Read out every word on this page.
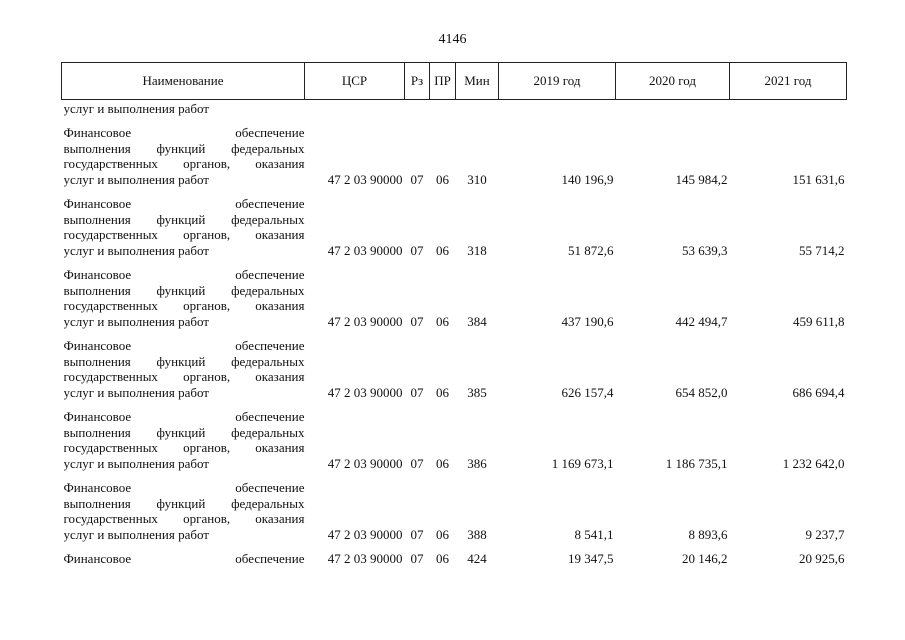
4146
Наименование	ЦСР	Рз	ПР	Мин	2019 год	2020 год	2021 год

услуг и выполнения работ							

Финансовое обеспечение
выполнения функций федеральных
государственных органов, оказания
услуг и выполнения работ	47 2 03 90000	07	06	310	140 196,9	145 984,2	151 631,6

Финансовое обеспечение
выполнения функций федеральных
государственных органов, оказания
услуг и выполнения работ	47 2 03 90000	07	06	318	51 872,6	53 639,3	55 714,2

Финансовое обеспечение
выполнения функций федеральных
государственных органов, оказания
услуг и выполнения работ	47 2 03 90000	07	06	384	437 190,6	442 494,7	459 611,8

Финансовое обеспечение
выполнения функций федеральных
государственных органов, оказания
услуг и выполнения работ	47 2 03 90000	07	06	385	626 157,4	654 852,0	686 694,4

Финансовое обеспечение
выполнения функций федеральных
государственных органов, оказания
услуг и выполнения работ	47 2 03 90000	07	06	386	1 169 673,1	1 186 735,1	1 232 642,0

Финансовое обеспечение
выполнения функций федеральных
государственных органов, оказания
услуг и выполнения работ	47 2 03 90000	07	06	388	8 541,1	8 893,6	9 237,7

Финансовое обеспечение	47 2 03 90000	07	06	424	19 347,5	20 146,2	20 925,6
